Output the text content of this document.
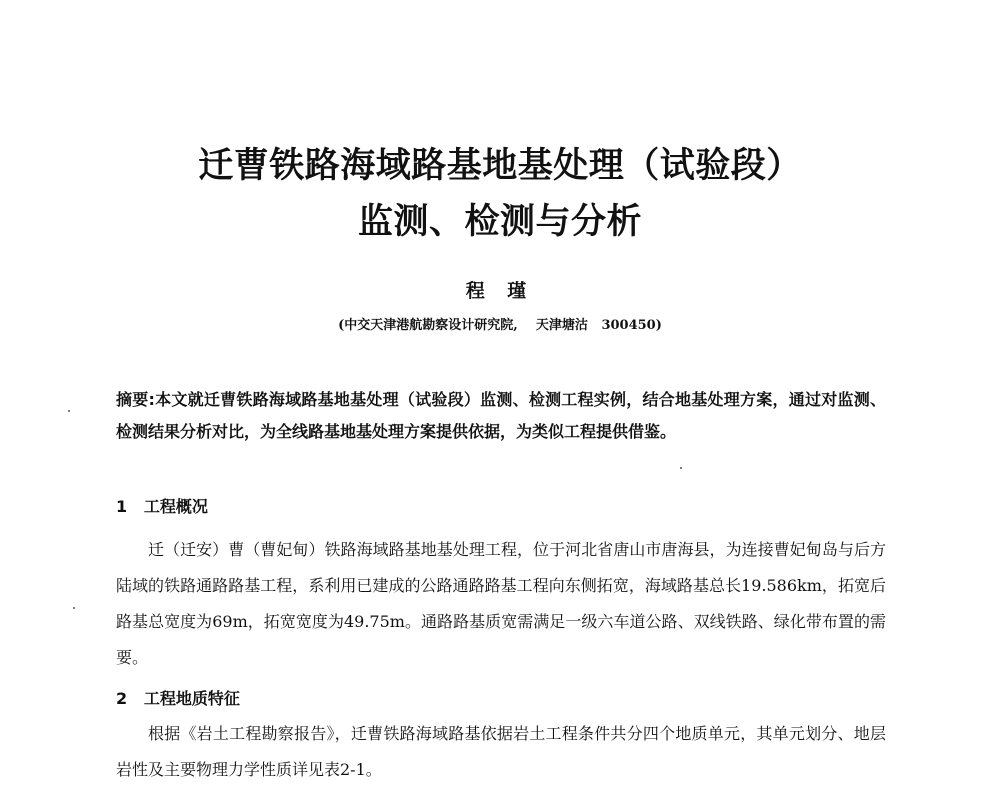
迁曹铁路海域路基地基处理（试验段）
监测、检测与分析
程 瑾
(中交天津港航勘察设计研究院,    天津塘沽   300450)
摘要:本文就迁曹铁路海域路基地基处理（试验段）监测、检测工程实例，结合地基处理方案，通过对监测、检测结果分析对比，为全线路基地基处理方案提供依据，为类似工程提供借鉴。
1   工程概况
迁（迁安）曹（曹妃甸）铁路海域路基地基处理工程，位于河北省唐山市唐海县，为连接曹妃甸岛与后方陆域的铁路通路路基工程，系利用已建成的公路通路路基工程向东侧拓宽，海域路基总长19.586km，拓宽后路基总宽度为69m，拓宽宽度为49.75m。通路路基质宽需满足一级六车道公路、双线铁路、绿化带布置的需要。
2   工程地质特征
根据《岩土工程勘察报告》，迁曹铁路海域路基依据岩土工程条件共分四个地质单元，其单元划分、地层岩性及主要物理力学性质详见表2-1。
